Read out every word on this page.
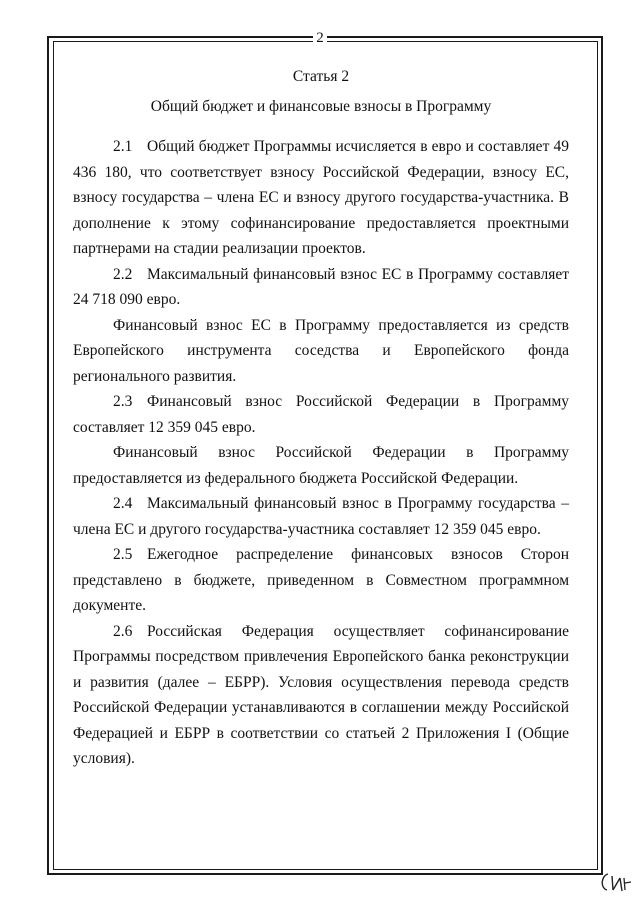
2

Статья 2

Общий бюджет и финансовые взносы в Программу

2.1 Общий бюджет Программы исчисляется в евро и составляет 49 436 180, что соответствует взносу Российской Федерации, взносу ЕС, взносу государства – члена ЕС и взносу другого государства-участника. В дополнение к этому софинансирование предоставляется проектными партнерами на стадии реализации проектов.

2.2 Максимальный финансовый взнос ЕС в Программу составляет 24 718 090 евро.

Финансовый взнос ЕС в Программу предоставляется из средств Европейского инструмента соседства и Европейского фонда регионального развития.

2.3 Финансовый взнос Российской Федерации в Программу составляет 12 359 045 евро.

Финансовый взнос Российской Федерации в Программу предоставляется из федерального бюджета Российской Федерации.

2.4 Максимальный финансовый взнос в Программу государства – члена ЕС и другого государства-участника составляет 12 359 045 евро.

2.5 Ежегодное распределение финансовых взносов Сторон представлено в бюджете, приведенном в Совместном программном документе.

2.6 Российская Федерация осуществляет софинансирование Программы посредством привлечения Европейского банка реконструкции и развития (далее – ЕБРР). Условия осуществления перевода средств Российской Федерации устанавливаются в соглашении между Российской Федерацией и ЕБРР в соответствии со статьей 2 Приложения I (Общие условия).
